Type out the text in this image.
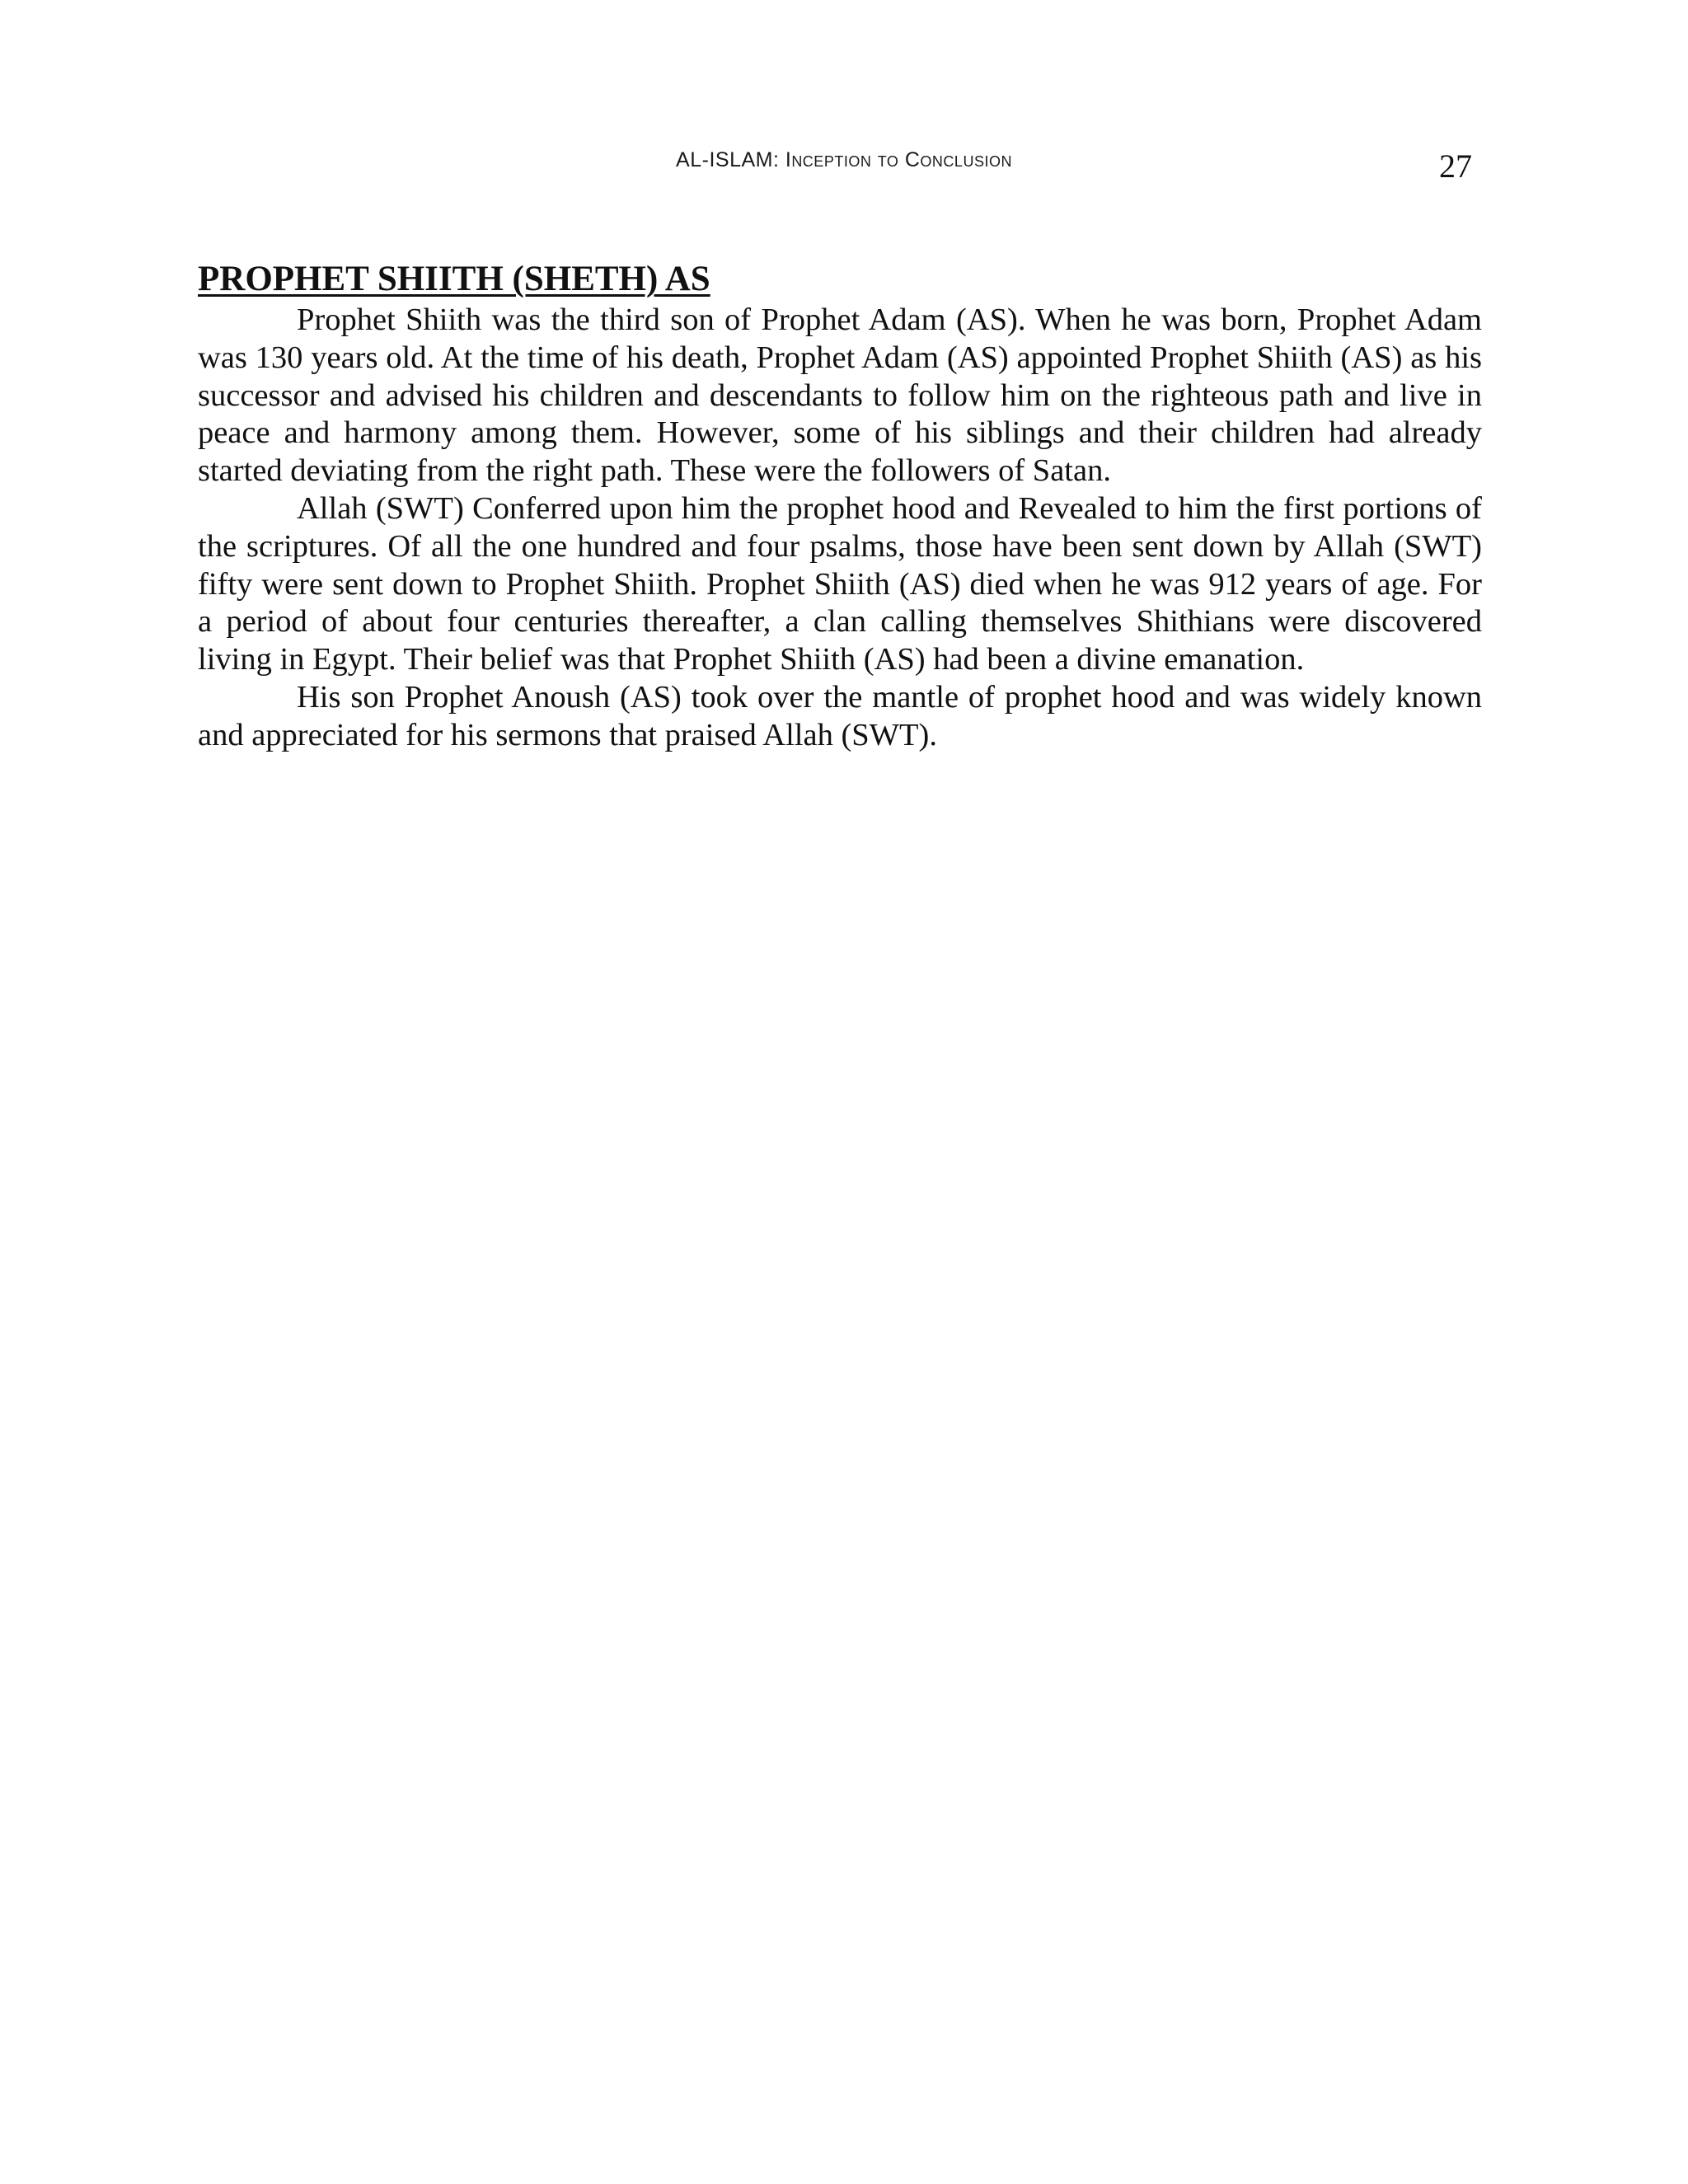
AL-ISLAM: Inception to Conclusion	27
PROPHET SHIITH (SHETH) AS

Prophet Shiith was the third son of Prophet Adam (AS). When he was born, Prophet Adam was 130 years old. At the time of his death, Prophet Adam (AS) appointed Prophet Shiith (AS) as his successor and advised his children and descendants to follow him on the righteous path and live in peace and harmony among them. However, some of his siblings and their children had already started deviating from the right path. These were the followers of Satan.

Allah (SWT) Conferred upon him the prophet hood and Revealed to him the first portions of the scriptures. Of all the one hundred and four psalms, those have been sent down by Allah (SWT) fifty were sent down to Prophet Shiith. Prophet Shiith (AS) died when he was 912 years of age. For a period of about four centuries thereafter, a clan calling themselves Shithians were discovered living in Egypt. Their belief was that Prophet Shiith (AS) had been a divine emanation.

His son Prophet Anoush (AS) took over the mantle of prophet hood and was widely known and appreciated for his sermons that praised Allah (SWT).
